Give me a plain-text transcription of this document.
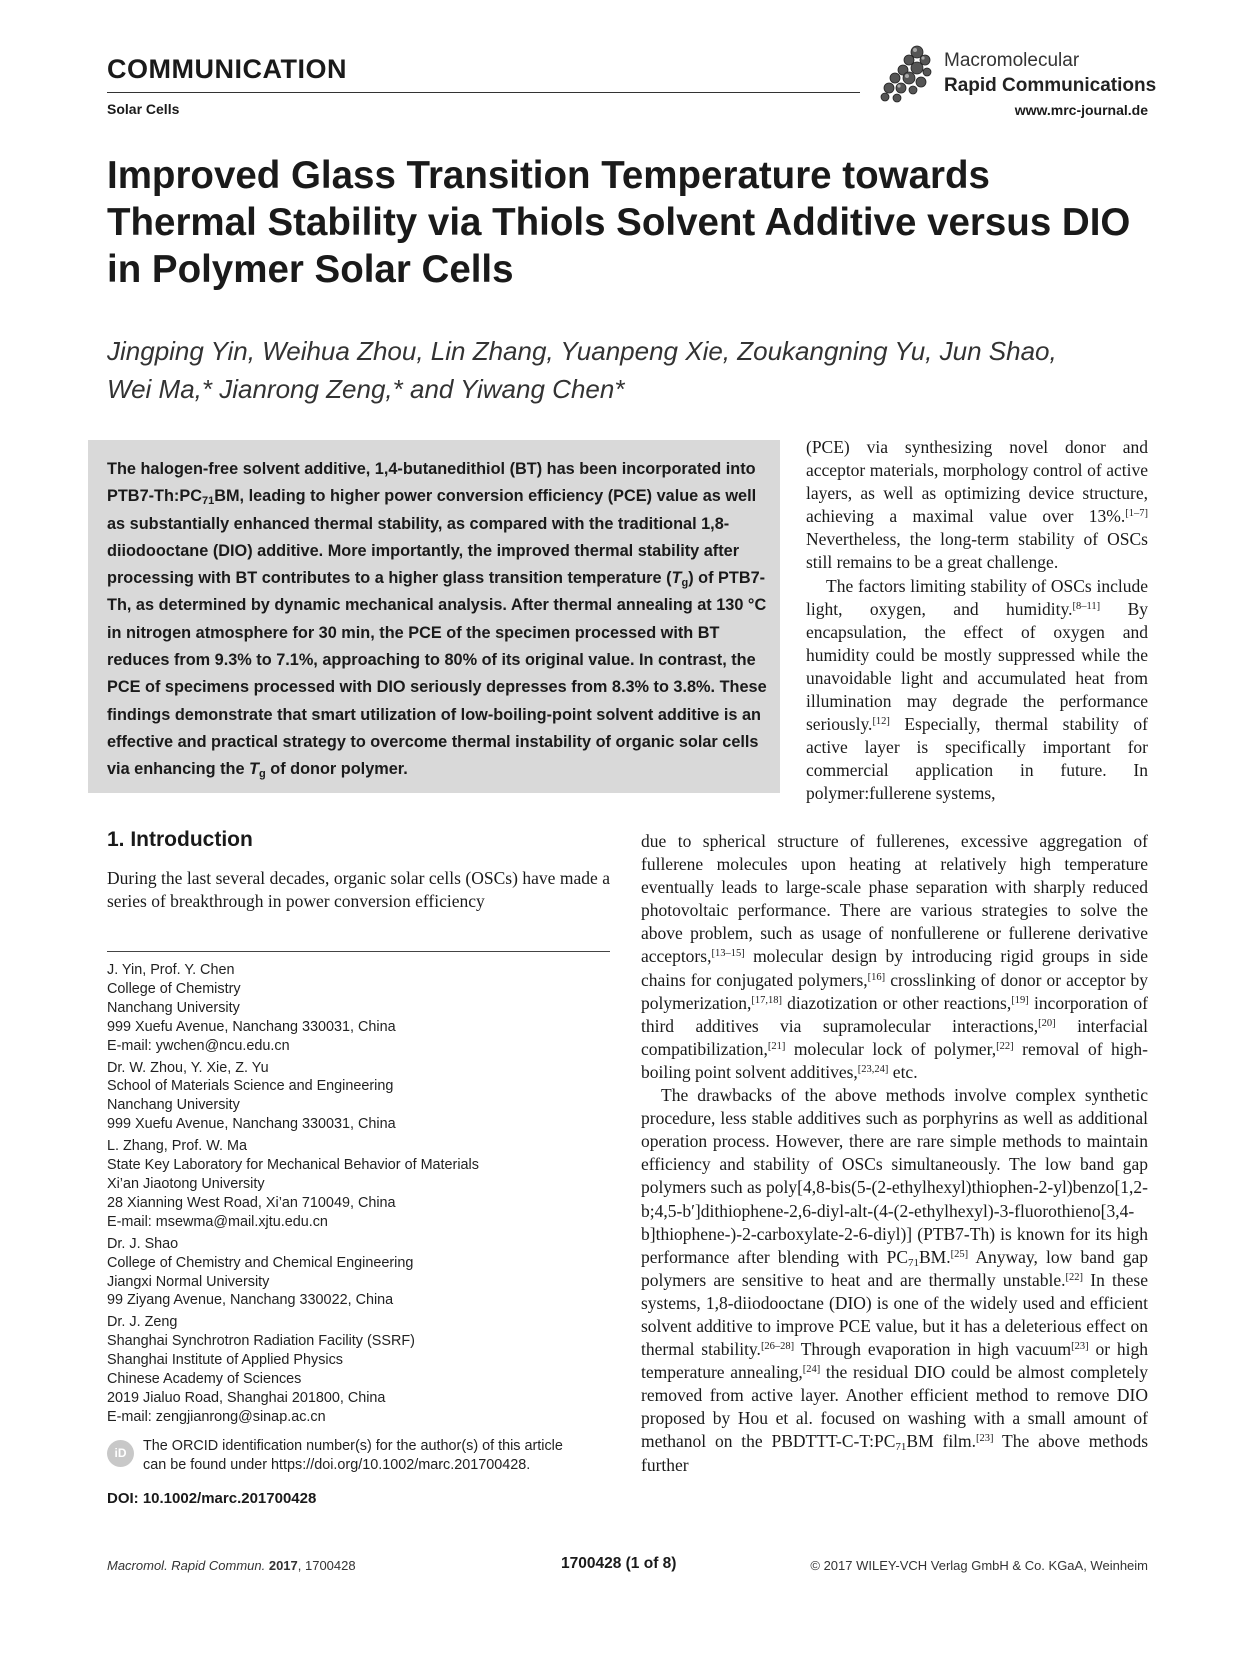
COMMUNICATION
Solar Cells
Macromolecular
Rapid Communications
www.mrc-journal.de
Improved Glass Transition Temperature towards Thermal Stability via Thiols Solvent Additive versus DIO in Polymer Solar Cells
Jingping Yin, Weihua Zhou, Lin Zhang, Yuanpeng Xie, Zoukangning Yu, Jun Shao,
Wei Ma,* Jianrong Zeng,* and Yiwang Chen*
The halogen-free solvent additive, 1,4-butanedithiol (BT) has been incorporated into $PTB7-Th:PC_{71}BM$, leading to higher power conversion efficiency (PCE) value as well as substantially enhanced thermal stability, as compared with the traditional 1,8-diiodooctane (DIO) additive. More importantly, the improved thermal stability after processing with BT contributes to a higher glass transition temperature $(T_g)$ of PTB7-Th, as determined by dynamic mechanical analysis. After thermal annealing at 130 °C in nitrogen atmosphere for 30 min, the PCE of the specimen processed with BT reduces from 9.3% to 7.1%, approaching to 80% of its original value. In contrast, the PCE of specimens processed with DIO seriously depresses from 8.3% to 3.8%. These findings demonstrate that smart utilization of low-boiling-point solvent additive is an effective and practical strategy to overcome thermal instability of organic solar cells via enhancing the $T_g$ of donor polymer.

(PCE) via synthesizing novel donor and acceptor materials, morphology control of active layers, as well as optimizing device structure, achieving a maximal value over 13%.[1–7] Nevertheless, the long-term stability of OSCs still remains to be a great challenge.

The factors limiting stability of OSCs include light, oxygen, and humidity.[8–11] By encapsulation, the effect of oxygen and humidity could be mostly suppressed while the unavoidable light and accumulated heat from illumination may degrade the performance seriously.[12] Especially, thermal stability of active layer is specifically important for commercial application in future. In polymer:fullerene systems,

due to spherical structure of fullerenes, excessive aggregation of fullerene molecules upon heating at relatively high temperature eventually leads to large-scale phase separation with sharply reduced photovoltaic performance. There are various strategies to solve the above problem, such as usage of nonfullerene or fullerene derivative acceptors,[13–15] molecular design by introducing rigid groups in side chains for conjugated polymers,[16] crosslinking of donor or acceptor by polymerization,[17,18] diazotization or other reactions,[19] incorporation of third additives via supramolecular interactions,[20] interfacial compatibilization,[21] molecular lock of polymer,[22] removal of high-boiling point solvent additives,[23,24] etc.

The drawbacks of the above methods involve complex synthetic procedure, less stable additives such as porphyrins as well as additional operation process. However, there are rare simple methods to maintain efficiency and stability of OSCs simultaneously. The low band gap polymers such as poly[4,8-bis(5-(2-ethylhexyl)thiophen-2-yl)benzo[1,2-b;4,5-b′]dithiophene-2,6-diyl-alt-(4-(2-ethylhexyl)-3-fluorothieno[3,4-b]thiophene-)-2-carboxylate-2-6-diyl)] (PTB7-Th) is known for its high performance after blending with $PC_{71}BM.[25]$ Anyway, low band gap polymers are sensitive to heat and are thermally unstable.[22] In these systems, 1,8-diiodooctane (DIO) is one of the widely used and efficient solvent additive to improve PCE value, but it has a deleterious effect on thermal stability.[26–28] Through evaporation in high vacuum[23] or high temperature annealing,[24] the residual DIO could be almost completely removed from active layer. Another efficient method to remove DIO proposed by Hou et al. focused on washing with a small amount of methanol on the PBDTTT-$C-T:PC_{71}BM$ film.[23] The above methods further

1. Introduction
During the last several decades, organic solar cells (OSCs) have made a series of breakthrough in power conversion efficiency
J. Yin, Prof. Y. Chen
College of Chemistry
Nanchang University
999 Xuefu Avenue, Nanchang 330031, China
E-mail: ywchen@ncu.edu.cn
Dr. W. Zhou, Y. Xie, Z. Yu
School of Materials Science and Engineering
Nanchang University
999 Xuefu Avenue, Nanchang 330031, China
L. Zhang, Prof. W. Ma
State Key Laboratory for Mechanical Behavior of Materials
Xi’an Jiaotong University
28 Xianning West Road, Xi’an 710049, China
E-mail: msewma@mail.xjtu.edu.cn
Dr. J. Shao
College of Chemistry and Chemical Engineering
Jiangxi Normal University
99 Ziyang Avenue, Nanchang 330022, China
Dr. J. Zeng
Shanghai Synchrotron Radiation Facility (SSRF)
Shanghai Institute of Applied Physics
Chinese Academy of Sciences
2019 Jialuo Road, Shanghai 201800, China
E-mail: zengjianrong@sinap.ac.cn
iD	The ORCID identification number(s) for the author(s) of this article
can be found under https://doi.org/10.1002/marc.201700428.
DOI: 10.1002/marc.201700428
Macromol. Rapid Commun. 2017, 1700428	1700428 (1 of 8)	© 2017 WILEY-VCH Verlag GmbH & Co. KGaA, Weinheim
